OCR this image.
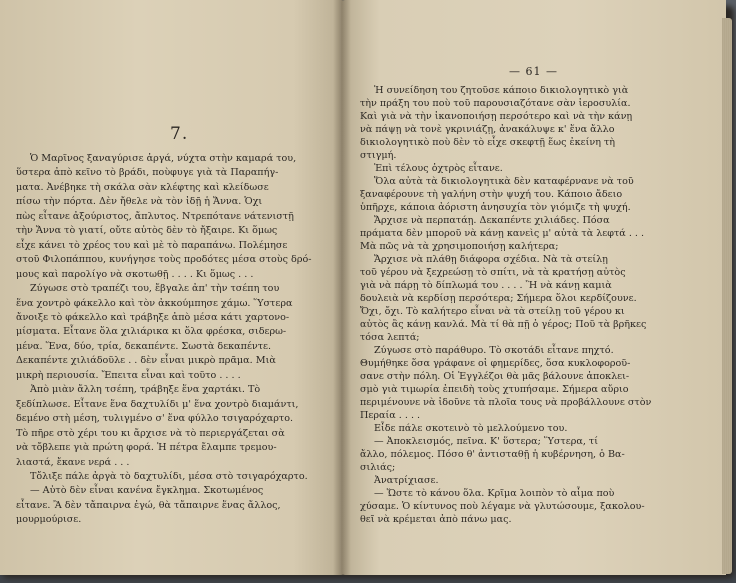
7.

Ὁ Μαρῖνος ξαναγύρισε ἀργά, νύχτα στὴν καμαρά του,

ὕστερα ἀπὸ κεῖνο τὸ βράδι, ποὺφυγε γιὰ τὰ Παραπήγ-

ματα. Ἀνέβηκε τὴ σκάλα σὰν κλέφτης καὶ κλείδωσε

πίσω τὴν πόρτα. Δὲν ἤθελε νὰ τὸν ἰδῇ ἡ Ἄννα. Ὁχι

πὼς εἶτανε ἀξούριστος, ἄπλυτος. Ντρεπότανε νάτενιστῇ

τὴν Ἄννα τὸ γιατί, οὔτε αὐτὸς δὲν τὸ ἤξαιρε. Κι ὅμως

εἶχε κάνει τὸ χρέος του καὶ μὲ τὸ παραπάνω. Πολέμησε

στοῦ Φιλοπάππου, κυνήγησε τοὺς προδότες μέσα στοὺς δρό-

μους καὶ παρολίγο νὰ σκοτωθῇ . . . . Κι ὅμως . . .

Ζύγωσε στὸ τραπέζι του, ἔβγαλε ἀπ' τὴν τσέπη του

ἕνα χοντρὸ φάκελλο καὶ τὸν ἀκκούμπησε χάμω. Ὕστερα

ἄνοιξε τὸ φάκελλο καὶ τράβηξε ἀπὸ μέσα κάτι χαρτονο-

μίσματα. Εἶτανε ὅλα χιλιάρικα κι ὅλα φρέσκα, σιδερω-

μένα. Ἕνα, δύο, τρία, δεκαπέντε. Σωστὰ δεκαπέντε.

Δεκαπέντε χιλιάδοῦλε . . δὲν εἶναι μικρὸ πρᾶμα. Μιὰ

μικρὴ περιουσία. Ἔπειτα εἶναι καὶ τοῦτο . . . .

Ἀπὸ μιὰν ἄλλη τσέπη, τράβηξε ἕνα χαρτάκι. Τὸ

ξεδίπλωσε. Εἶτανε ἕνα δαχτυλίδι μ' ἕνα χοντρὸ διαμάντι,

δεμένο στὴ μέση, τυλιγμένο σ' ἕνα φύλλο τσιγαρόχαρτο.

Τὸ πῆρε στὸ χέρι του κι ἄρχισε νὰ τὸ περιεργάζεται σὰ

νὰ τὄβλεπε γιὰ πρώτη φορά. Ἡ πέτρα ἔλαμπε τρεμου-

λιαστά, ἔκανε νερά . . .

Τὄλιξε πάλε ἀργὰ τὸ δαχτυλίδι, μέσα στὸ τσιγαρόχαρτο.

— Αὐτὸ δὲν εἶναι κανένα ἔγκλημα. Σκοτωμένος

εἶτανε. Ἂ δὲν τἄπαιρνα ἐγώ, θὰ τἄπαιρνε ἕνας ἄλλος,

μουρμούρισε.

— 61 —

Ἡ συνείδηση του ζητοῦσε κάποιο δικιολογητικὸ γιὰ

τὴν πράξη του ποὺ τοῦ παρουσιαζότανε σὰν ἱεροσυλία.

Καὶ γιὰ νὰ τὴν ἱκανοποιήσῃ περσότερο καὶ νὰ τὴν κάνῃ

νὰ πάψῃ νὰ τονὲ γκρινιάζῃ, ἀνακάλυψε κ' ἕνα ἄλλο

δικιολογητικὸ ποὺ δὲν τὸ εἶχε σκεφτῇ ἕως ἐκείνη τὴ

στιγμή.

Ἐπὶ τέλους ὀχτρὸς εἶτανε.

Ὅλα αὐτὰ τὰ δικιολογητικὰ δὲν καταφέρνανε νὰ τοῦ

ξαναφέρουνε τὴ γαλήνη στὴν ψυχή του. Κάποιο ἄδειο

ὑπῆρχε, κάποια ἀόριστη ἀνησυχία τὸν γιόμιζε τὴ ψυχή.

Ἄρχισε νὰ περπατάῃ. Δεκαπέντε χιλιάδες. Πόσα

πράματα δὲν μποροῦ νὰ κάνῃ κανεὶς μ' αὐτὰ τὰ λεφτά . . .

Μὰ πῶς νὰ τὰ χρησιμοποιήσῃ καλήτερα;

Ἄρχισε νὰ πλάθῃ διάφορα σχέδια. Νὰ τὰ στείλῃ

τοῦ γέρου νὰ ξεχρεώσῃ τὸ σπίτι, νὰ τὰ κρατήσῃ αὐτὸς

γιὰ νὰ πάρῃ τὸ δίπλωμά του . . . . Ἢ νὰ κάνῃ καμιὰ

δουλειὰ νὰ κερδίσῃ περσότερα; Σήμερα ὅλοι κερδίζουνε.

Ὄχι, ὄχι. Τὸ καλήτερο εἶναι νὰ τὰ στείλῃ τοῦ γέρου κι

αὐτὸς ἂς κάνῃ κανλά. Μὰ τί θὰ πῇ ὁ γέρος; Ποῦ τὰ βρῆκες

τόσα λεπτά;

Ζύγωσε στὸ παράθυρο. Τὸ σκοτάδι εἶτανε πηχτό.

Θυμήθηκε ὅσα γράφανε οἱ φημερίδες, ὅσα κυκλοφοροῦ-

σανε στὴν πόλη. Οἱ Ἐγγλέζοι θὰ μᾶς βάλουνε ἀποκλει-

σμὸ γιὰ τιμωρία ἐπειδὴ τοὺς χτυπήσαμε. Σήμερα αὔριο

περιμένουνε νὰ ἰδοῦνε τὰ πλοῖα τους νὰ προβάλλουνε στὸν

Περαία . . . .

Εἶδε πάλε σκοτεινὸ τὸ μελλούμενο του.

— Ἀποκλεισμός, πεῖνα. Κ' ὕστερα; Ὕστερα, τί

ἄλλο, πόλεμος. Πόσο θ' ἀντισταθῇ ἡ κυβέρνηση, ὁ Βα-

σιλιάς;

Ἀνατρίχιασε.

— Ὥστε τὸ κάνου ὅλα. Κρῖμα λοιπὸν τὸ αἷμα ποὺ

χύσαμε. Ὁ κίντυνος ποὺ λέγαμε νὰ γλυτώσουμε, ξακολου-

θεῖ νὰ κρέμεται ἀπὸ πάνω μας.
